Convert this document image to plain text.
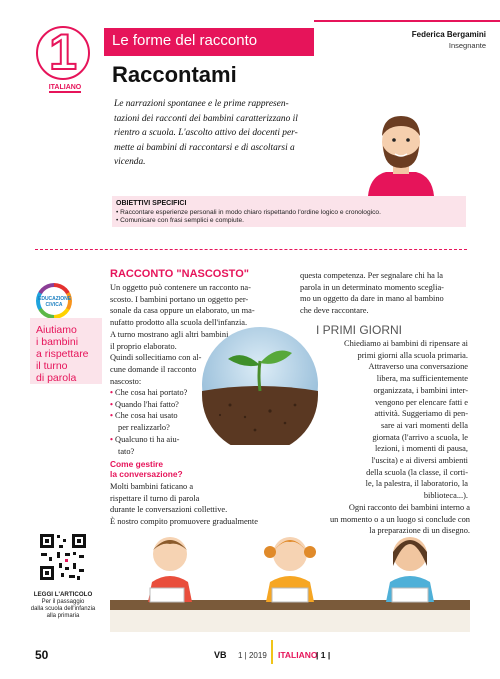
Le forme del racconto	Federica Bergamini
Insegnante
1
ITALIANO
Raccontami
Le narrazioni spontanee e le prime rappresen-
tazioni dei racconti dei bambini caratterizzano il
rientro a scuola. L'ascolto attivo dei docenti per-
mette ai bambini di raccontarsi e di ascoltarsi a
vicenda.
OBIETTIVI SPECIFICI
• Raccontare esperienze personali in modo chiaro rispettando l'ordine logico e cronologico.
• Comunicare con frasi semplici e compiute.
EDUCAZIONE
CIVICA
Aiutiamo
i bambini
a rispettare
il turno
di parola
LEGGI L'ARTICOLO
Per il passaggio
dalla scuola dell'infanzia
alla primaria
RACCONTO "NASCOSTO"
Un oggetto può contenere un racconto na-
scosto. I bambini portano un oggetto per-
sonale da casa oppure un elaborato, un ma-
nufatto prodotto alla scuola dell'infanzia.
A turno mostrano agli altri bambini
il proprio elaborato.
Quindi sollecitiamo con al-
cune domande il racconto
nascosto:
• Che cosa hai portato?
• Quando l'hai fatto?
• Che cosa hai usato
per realizzarlo?
• Qualcuno ti ha aiu-
tato?
Come gestire
la conversazione?
Molti bambini faticano a
rispettare il turno di parola
durante le conversazioni collettive.
È nostro compito promuovere gradualmente
questa competenza. Per segnalare chi ha la
parola in un determinato momento sceglia-
mo un oggetto da dare in mano al bambino
che deve raccontare.
I PRIMI GIORNI
Chiediamo ai bambini di ripensare ai
primi giorni alla scuola primaria.
Attraverso una conversazione
libera, ma sufficientemente
organizzata, i bambini inter-
vengono per elencare fatti e
attività. Suggeriamo di pen-
sare ai vari momenti della
giornata (l'arrivo a scuola, le
lezioni, i momenti di pausa,
l'uscita) e ai diversi ambienti
della scuola (la classe, il corti-
le, la palestra, il laboratorio, la
biblioteca...).
Ogni racconto dei bambini interno a
un momento o a un luogo si conclude con
la preparazione di un disegno.
50	VB 1 | 2019 ITALIANO
| 1 |
